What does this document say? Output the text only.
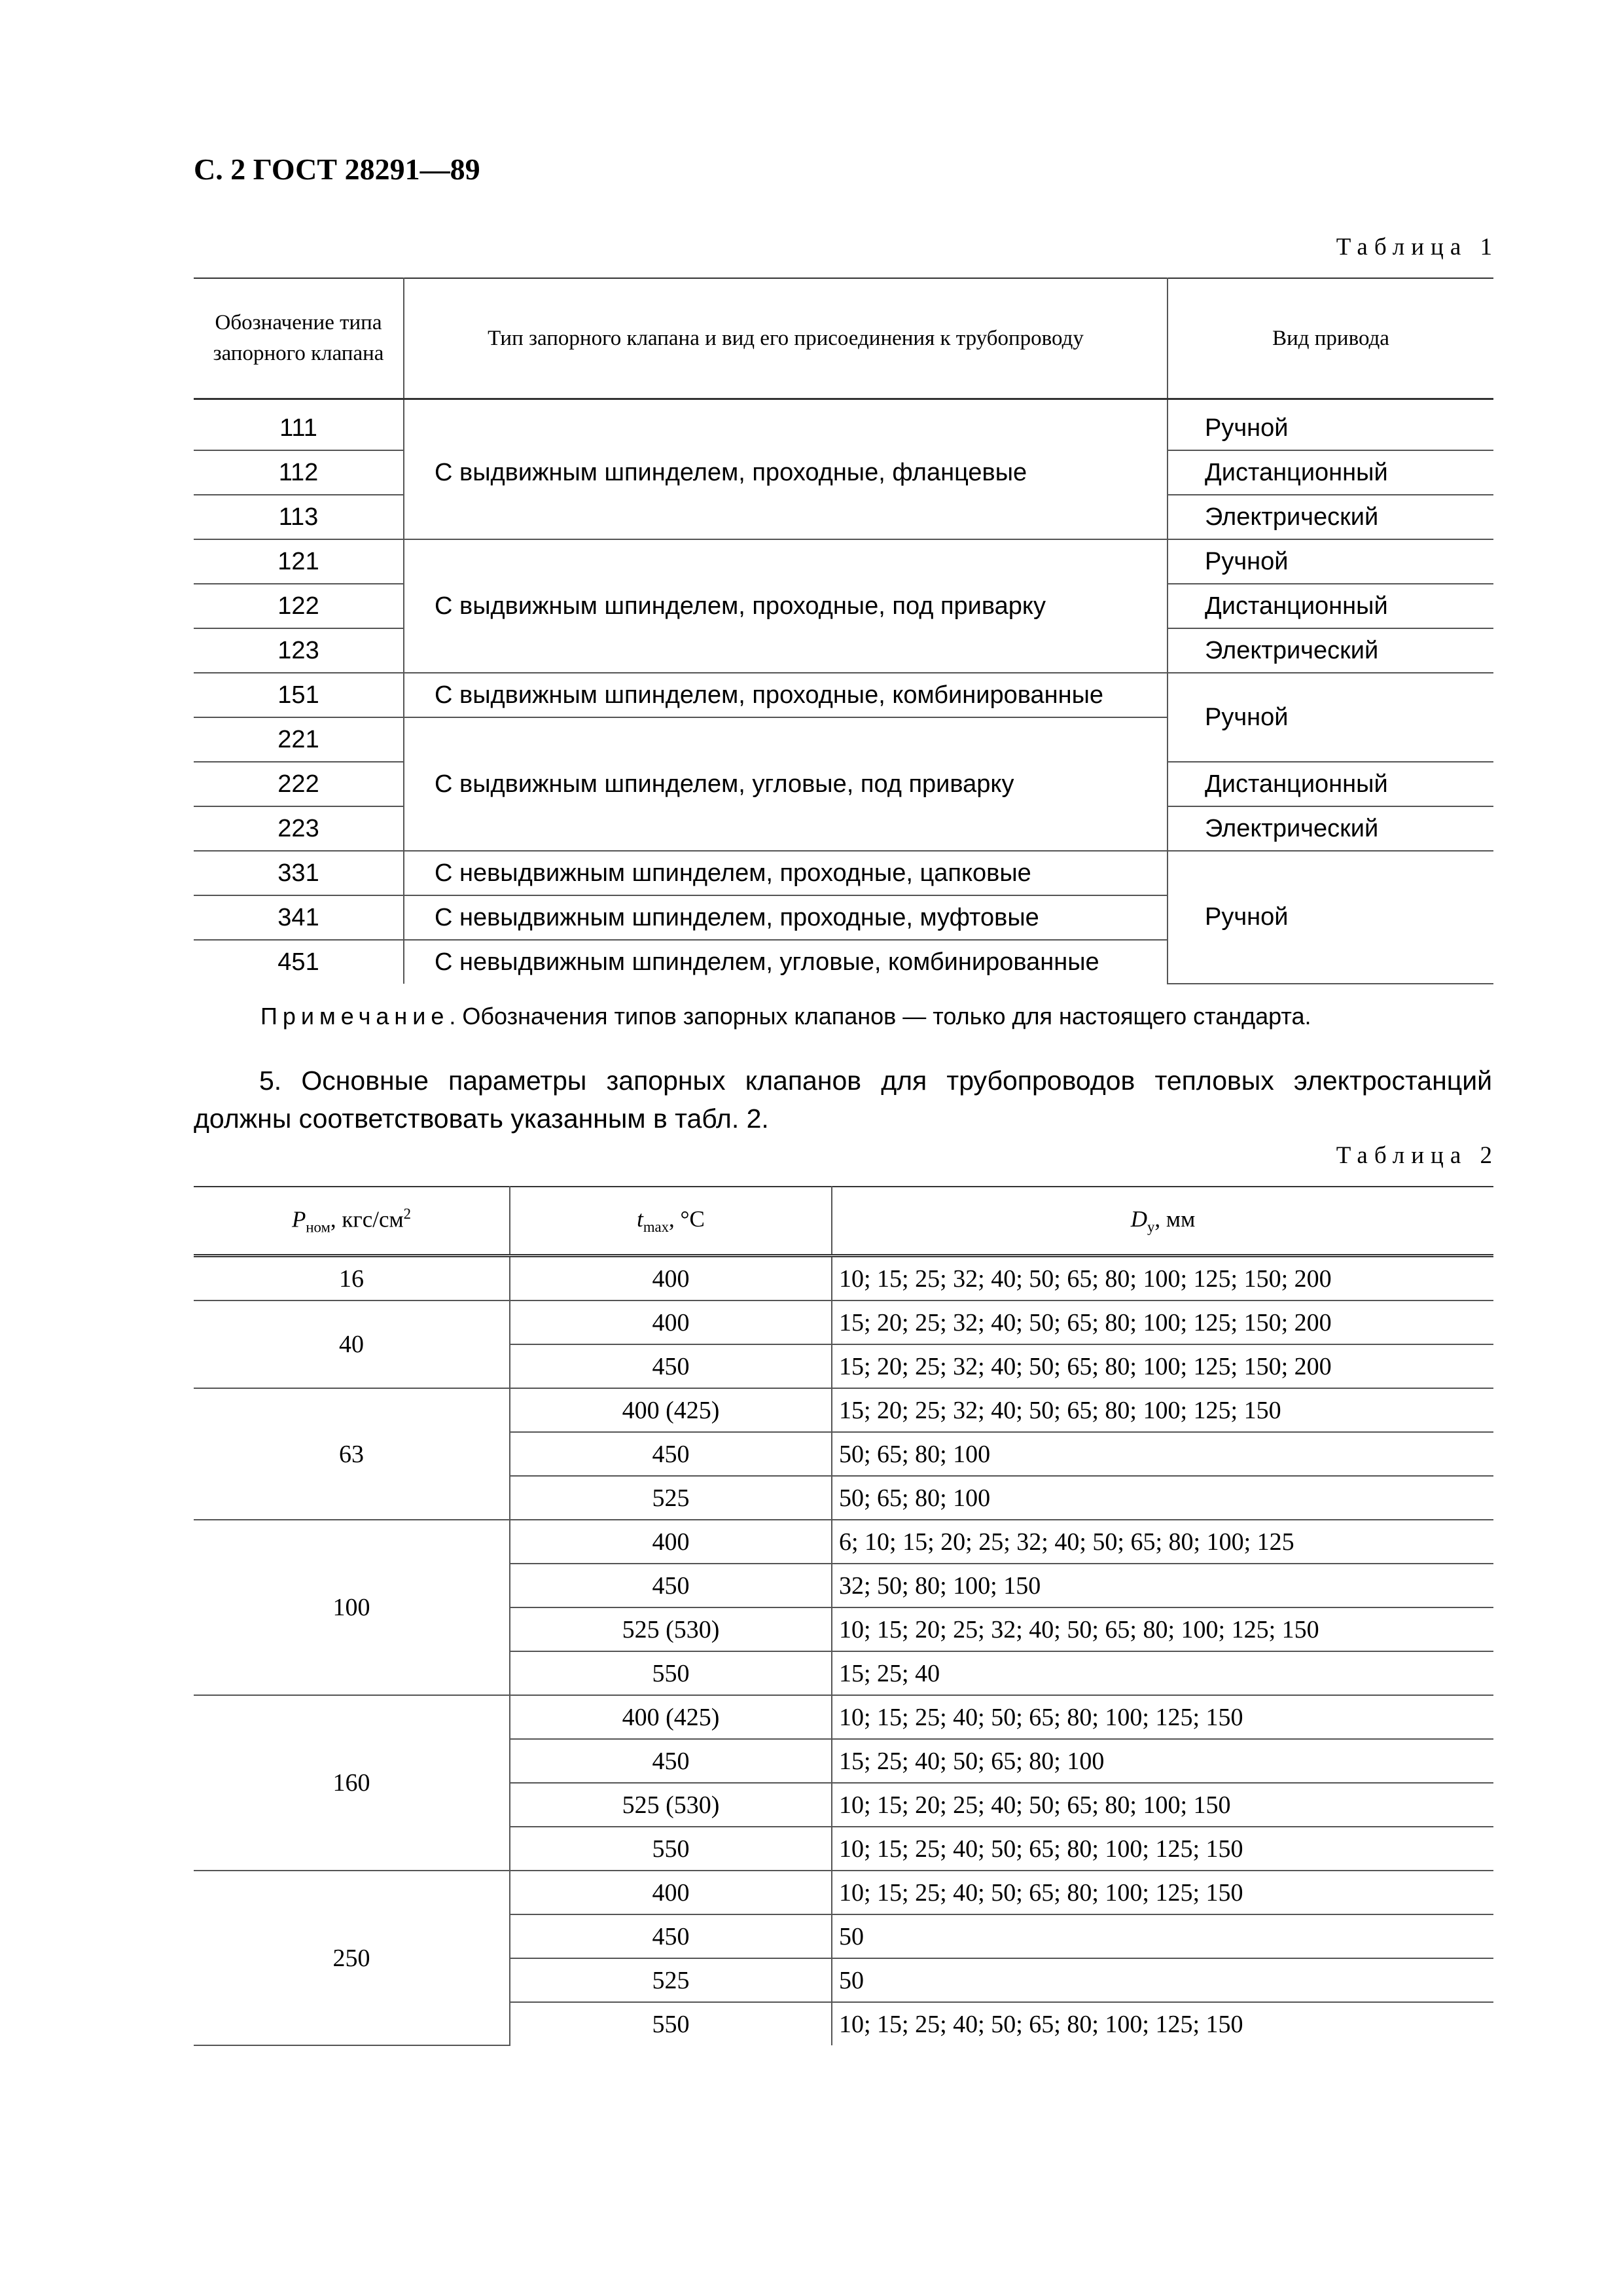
С. 2 ГОСТ 28291—89
Таблица 1
Обозначение типа запорного клапана	Тип запорного клапана и вид его присоединения к трубопроводу	Вид привода
111	С выдвижным шпинделем, проходные, фланцевые	Ручной
112		Дистанционный
113		Электрический
121	С выдвижным шпинделем, проходные, под приварку	Ручной
122		Дистанционный
123		Электрический
151	С выдвижным шпинделем, проходные, комбинированные	Ручной
221	С выдвижным шпинделем, угловые, под приварку	
222		Дистанционный
223		Электрический
331	С невыдвижным шпинделем, проходные, цапковые	Ручной
341	С невыдвижным шпинделем, проходные, муфтовые	
451	С невыдвижным шпинделем, угловые, комбинированные	
Примечание. Обозначения типов запорных клапанов — только для настоящего стандарта.
5. Основные параметры запорных клапанов для трубопроводов тепловых электростанций должны соответствовать указанным в табл. 2.
Таблица 2
$P_{ном}$, кгс/$см^2$	$t_{max}$, °С	$D_у$, мм
16	400	10; 15; 25; 32; 40; 50; 65; 80; 100; 125; 150; 200
40	400	15; 20; 25; 32; 40; 50; 65; 80; 100; 125; 150; 200
	450	15; 20; 25; 32; 40; 50; 65; 80; 100; 125; 150; 200
63	400 (425)	15; 20; 25; 32; 40; 50; 65; 80; 100; 125; 150
	450	50; 65; 80; 100
	525	50; 65; 80; 100
100	400	6; 10; 15; 20; 25; 32; 40; 50; 65; 80; 100; 125
	450	32; 50; 80; 100; 150
	525 (530)	10; 15; 20; 25; 32; 40; 50; 65; 80; 100; 125; 150
	550	15; 25; 40
160	400 (425)	10; 15; 25; 40; 50; 65; 80; 100; 125; 150
	450	15; 25; 40; 50; 65; 80; 100
	525 (530)	10; 15; 20; 25; 40; 50; 65; 80; 100; 150
	550	10; 15; 25; 40; 50; 65; 80; 100; 125; 150
250	400	10; 15; 25; 40; 50; 65; 80; 100; 125; 150
	450	50
	525	50
	550	10; 15; 25; 40; 50; 65; 80; 100; 125; 150
